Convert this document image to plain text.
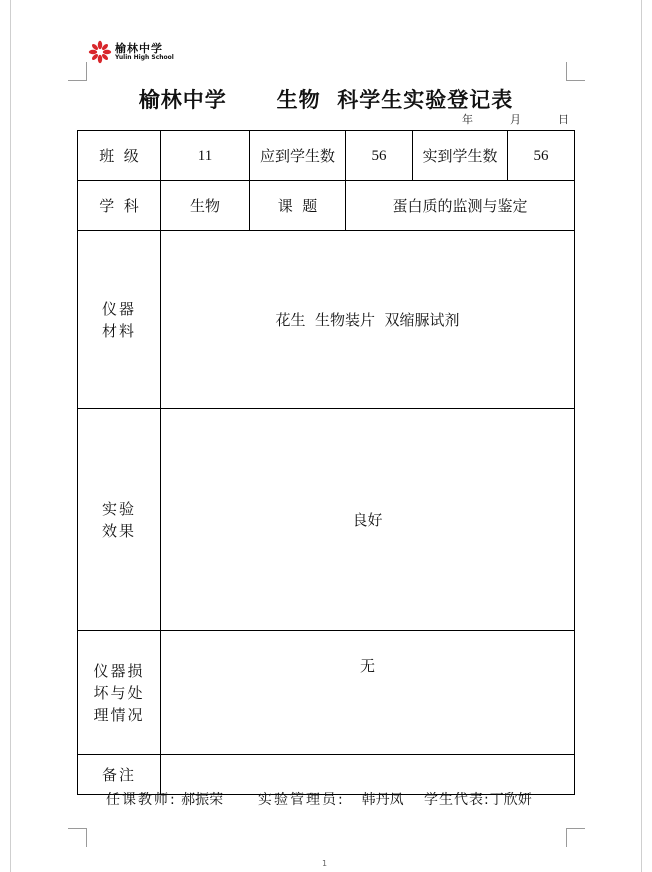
榆林中学
Yulin High School
榆林中学      生物  科学生实验登记表
年	月	日
班  级	11	应到学生数	56	实到学生数	56
学  科	生物	课  题	蛋白质的监测与鉴定		
仪器
材料	花生  生物装片  双缩脲试剂				
实验
效果	良好				
仪器损
坏与处
理情况	无				
备注					
任课教师: 郝振荣 实验管理员: 韩丹凤 学生代表:丁欣妍
1
